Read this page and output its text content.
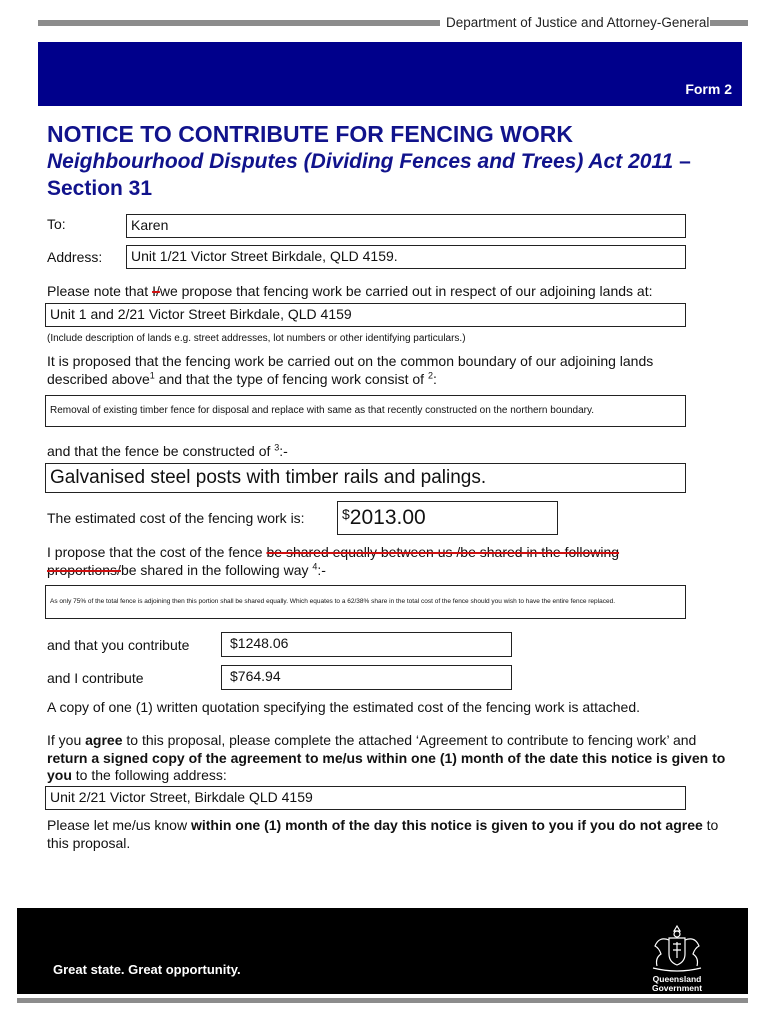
Department of Justice and Attorney-General
Form 2
NOTICE TO CONTRIBUTE FOR FENCING WORK
Neighbourhood Disputes (Dividing Fences and Trees) Act 2011 – Section 31
To:	Karen
Address:	Unit 1/21 Victor Street Birkdale, QLD 4159.
Please note that I/we propose that fencing work be carried out in respect of our adjoining lands at:
Unit 1 and 2/21 Victor Street Birkdale, QLD 4159
(Include description of lands e.g. street addresses, lot numbers or other identifying particulars.)
It is proposed that the fencing work be carried out on the common boundary of our adjoining lands
described above$^1$ and that the type of fencing work consist of $^2$:
Removal of existing timber fence for disposal and replace with same as that recently constructed on the northern boundary.
and that the fence be constructed of $^3$:-
Galvanised steel posts with timber rails and palings.
The estimated cost of the fencing work is:	$2013.00
I propose that the cost of the fence be shared equally between us /be shared in the following
proportions/be shared in the following way $^4$:-
As only 75% of the total fence is adjoining then this portion shall be shared equally. Which equates to a 62/38% share in the total cost of the fence should you wish to have the entire fence replaced.
and that you contribute	$1248.06
and I contribute	$764.94
A copy of one (1) written quotation specifying the estimated cost of the fencing work is attached.
If you agree to this proposal, please complete the attached ‘Agreement to contribute to fencing work’ and return a signed copy of the agreement to me/us within one (1) month of the date this notice is given to you to the following address:
Unit 2/21 Victor Street, Birkdale QLD 4159
Please let me/us know within one (1) month of the day this notice is given to you if you do not agree to this proposal.
Great state. Great opportunity.
Queensland
Government
